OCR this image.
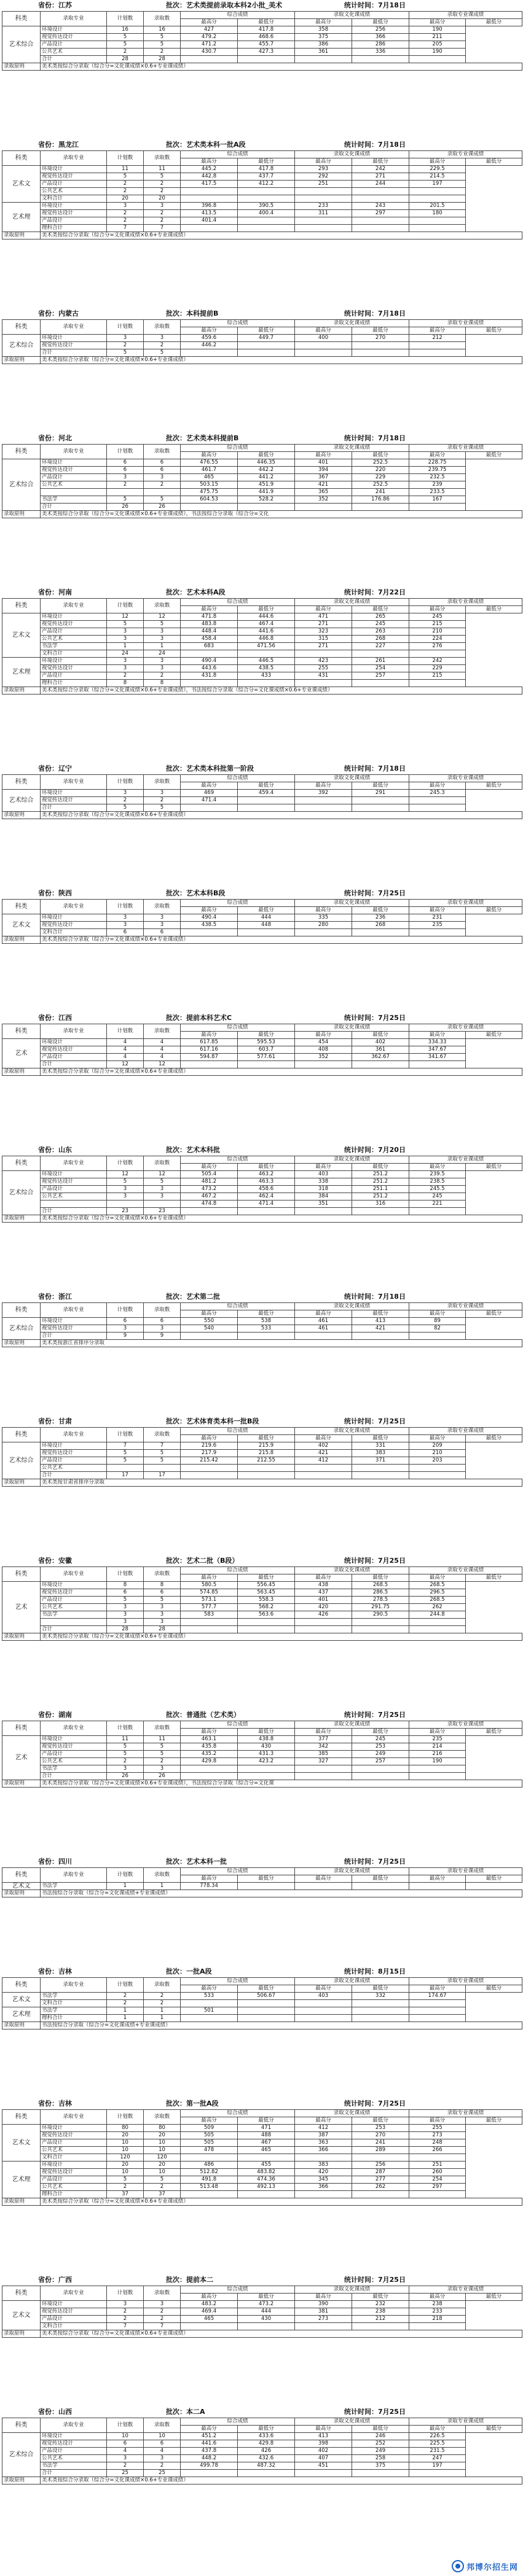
省份：江苏	批次：艺术类提前录取本科2小批_美术	统计时间：7月18日
科类	录取专业	计划数	录取数	综合成绩		录取文化课成绩		录取专业课成绩	
				最高分	最低分	最高分	最低分	最高分	最低分
艺术综合	环境设计	16	16	427	417.8	358	256	190	
	视觉传达设计	5	5	479.2	468.6	375	366	211	
	产品设计	5	5	471.2	455.7	386	286	205	
	公共艺术	2	2	430.7	427.3	361	336	190	
	合计	28	28						
录取原则	美术类按综合分录取（综合分=文化课成绩×0.6+专业课成绩）								
省份：黑龙江	批次：艺术类本科一批A段	统计时间：7月18日
科类	录取专业	计划数	录取数	综合成绩		录取文化课成绩		录取专业课成绩	
				最高分	最低分	最高分	最低分	最高分	最低分
艺术文	环境设计	11	11	445.2	417.8	293	242	229.5	
	视觉传达设计	5	5	442.8	437.7	292	271	214.5	
	产品设计	2	2	417.5	412.2	251	244	197	
	公共艺术	2	2						
	文科合计	20	20						
艺术理	环境设计	3	3	396.8	390.5	233	243	201.5	
	视觉传达设计	2	2	413.5	400.4	311	297	180	
	产品设计	2	2	401.4					
	理科合计	7	7						
录取原则	美术类按综合分录取（综合分=文化课成绩×0.6+专业课成绩）								
省份：内蒙古	批次：本科提前B	统计时间：7月18日
科类	录取专业	计划数	录取数	综合成绩		录取文化课成绩		录取专业课成绩	
				最高分	最低分	最高分	最低分	最高分	最低分
艺术综合	环境设计	3	3	459.6	449.7	400	270	212	
	视觉传达设计	2	2	446.2					
	合计	5	5						
录取原则	美术类按综合分录取（综合分=文化课成绩×0.6+专业课成绩）								
省份：河北	批次：艺术类本科提前B	统计时间：7月18日
科类	录取专业	计划数	录取数	综合成绩		录取文化课成绩		录取专业课成绩	
				最高分	最低分	最高分	最低分	最高分	最低分
艺术综合	环境设计	6	6	476.55	446.35	401	252.5	228.75	
	视觉传达设计	6	6	461.7	442.2	394	220	239.75	
	产品设计	3	3	465	441.2	367	229	232.5	
	公共艺术	2	2	503.15	451.9	421	252.5	239	
				475.75	441.9	365	241	233.5	
	书法学	5	5	604.53	528.2	352	176.86	167	
	合计	26	26						
录取原则	美术类按综合分录取（综合分=文化课成绩×0.6+专业课成绩），书法按综合分录取（综合分=文化								
省份：河南	批次：艺术本科A段	统计时间：7月22日
科类	录取专业	计划数	录取数	综合成绩		录取文化课成绩		录取专业课成绩	
				最高分	最低分	最高分	最低分	最高分	最低分
艺术文	环境设计	12	12	471.8	444.6	471	265	245	
	视觉传达设计	5	5	483.8	467.4	271	245	215	
	产品设计	3	3	448.4	441.6	323	263	210	
	公共艺术	3	3	458.4	446.8	315	268	224	
	书法学	1	1	683	471.56	271	227	276	
	文科合计	24	24						
艺术理	环境设计	3	3	490.4	446.5	423	261	242	
	视觉传达设计	3	3	443.6	438.5	255	254	229	
	产品设计	2	2	431.8	433	431	257	215	
	理科合计	8	8						
录取原则	美术类按综合分录取（综合分=文化课成绩×0.6+专业课成绩），书法按综合分录取（综合分=文化课成绩×0.6+专业课成绩）								
省份：辽宁	批次：艺术类本科批第一阶段	统计时间：7月18日
科类	录取专业	计划数	录取数	综合成绩		录取文化课成绩		录取专业课成绩	
				最高分	最低分	最高分	最低分	最高分	最低分
艺术综合	环境设计	3	3	469	459.4	392	291	245.3	
	视觉传达设计	2	2	471.4					
	合计	5	5						
录取原则	美术类按综合分录取（综合分=文化课成绩×0.6+专业课成绩）								
省份：陕西	批次：艺术本科B段	统计时间：7月25日
科类	录取专业	计划数	录取数	综合成绩		录取文化课成绩		录取专业课成绩	
				最高分	最低分	最高分	最低分	最高分	最低分
艺术文	环境设计	3	3	490.4	444	335	236	231	
	视觉传达设计	3	3	438.5	448	280	268	235	
	文科合计	6	6						
录取原则	美术类按综合分录取（综合分=文化课成绩×0.6+专业课成绩）								
省份：江西	批次：提前本科艺术C	统计时间：7月25日
科类	录取专业	计划数	录取数	综合成绩		录取文化课成绩		录取专业课成绩	
				最高分	最低分	最高分	最低分	最高分	最低分
艺术	环境设计	4	4	617.85	595.53	454	402	334.33	
	视觉传达设计	4	4	617.16	603.7	408	361	347.67	
	产品设计	4	4	594.87	577.61	352	362.67	341.67	
	合计	12	12						
录取原则	美术类按综合分录取（综合分=文化课成绩×0.6+专业课成绩）								
省份：山东	批次：艺术本科批	统计时间：7月20日
科类	录取专业	计划数	录取数	综合成绩		录取文化课成绩		录取专业课成绩	
				最高分	最低分	最高分	最低分	最高分	最低分
艺术综合	环境设计	12	12	505.4	463.2	403	251.2	239.5	
	视觉传达设计	5	5	481.2	463.3	338	251.2	238.5	
	产品设计	3	3	473.2	458.6	318	251.1	245.5	
	公共艺术	3	3	467.2	462.4	384	251.2	245	
				474.8	471.4	351	316	221	
	合计	23	23						
录取原则	美术类按综合分录取（综合分=文化课成绩×0.6+专业课成绩）								
省份：浙江	批次：艺术第二批	统计时间：7月18日
科类	录取专业	计划数	录取数	综合成绩		录取文化课成绩		录取专业课成绩	
				最高分	最低分	最高分	最低分	最高分	最低分
艺术综合	环境设计	6	6	550	538	461	413	89	
	视觉传达设计	3	3	540	533	461	421	82	
	合计	9	9						
录取原则	美术类按浙江省排序分录取								
省份：甘肃	批次：艺术体育类本科一批B段	统计时间：7月25日
科类	录取专业	计划数	录取数	综合成绩		录取文化课成绩		录取专业课成绩	
				最高分	最低分	最高分	最低分	最高分	最低分
艺术综合	环境设计	7	7	219.6	215.9	402	331	209	
	视觉传达设计	5	5	217.9	215.8	421	383	210	
	产品设计	5	5	215.42	212.55	412	371	203	
	公共艺术								
	合计	17	17						
录取原则	美术类按甘肃省排序分录取								
省份：安徽	批次：艺术二批（B段）	统计时间：7月25日
科类	录取专业	计划数	录取数	综合成绩		录取文化课成绩		录取专业课成绩	
				最高分	最低分	最高分	最低分	最高分	最低分
艺术	环境设计	8	8	580.5	556.45	438	268.5	268.5	
	视觉传达设计	6	6	574.85	563.45	437	286.5	296.5	
	产品设计	5	5	573.1	558.3	401	278.5	268.5	
	公共艺术	3	3	577.7	568.2	420	291.75	262	
	书法学	3	3	583	563.6	426	290.5	244.8	
		3	3						
	合计	28	28						
录取原则	美术类按综合分录取（综合分=文化课成绩×0.6+专业课成绩）								
省份：湖南	批次：普通批（艺术类）	统计时间：7月25日
科类	录取专业	计划数	录取数	综合成绩		录取文化课成绩		录取专业课成绩	
				最高分	最低分	最高分	最低分	最高分	最低分
艺术	环境设计	11	11	463.1	438.8	377	245	235	
	视觉传达设计	5	5	435.8	430	342	253	214	
	产品设计	5	5	435.2	431.3	385	249	216	
	公共艺术	2	2	429.8	423.2	327	257	190	
	书法学	3	3						
	合计	26	26						
录取原则	美术类按综合分录取（综合分=文化课成绩×0.6+专业课成绩），书法按综合分录取（综合分=文化课								
省份：四川	批次：艺术本科一批	统计时间：7月25日
科类	录取专业	计划数	录取数	综合成绩		录取文化课成绩		录取专业课成绩	
				最高分	最低分	最高分	最低分	最高分	最低分
艺术文	书法学	1	1	778.34					
录取原则	书法按综合分录取（综合分=文化课成绩+专业课成绩）								
省份：吉林	批次：一批A段	统计时间：8月15日
科类	录取专业	计划数	录取数	综合成绩		录取文化课成绩		录取专业课成绩	
				最高分	最低分	最高分	最低分	最高分	最低分
艺术文	书法学	2	2	533	506.67	403	332	174.67	
	文科合计	2	2						
艺术理	书法学	1	1	501					
	理科合计	1	1						
录取原则	书法按综合分录取（综合分=文化课成绩+专业课成绩）								
省份：吉林	批次：第一批A段	统计时间：7月25日
科类	录取专业	计划数	录取数	综合成绩		录取文化课成绩		录取专业课成绩	
				最高分	最低分	最高分	最低分	最高分	最低分
艺术文	环境设计	80	80	509	471	412	253	255	
	视觉传达设计	20	20	505	488	387	270	273	
	产品设计	10	10	505	467	363	241	248	
	公共艺术	10	10	478	465	366	289	266	
	文科合计	120	120						
艺术理	环境设计	20	20	486	455	383	256	251	
	视觉传达设计	10	10	512.82	483.82	420	287	260	
	产品设计	5	5	491.8	474.36	345	277	254	
	公共艺术	2	2	513.48	492.13	366	262	297	
	理科合计	37	37						
录取原则	美术类按综合分录取（综合分=文化课成绩×0.6+专业课成绩）								
省份：广西	批次：提前本二	统计时间：7月25日
科类	录取专业	计划数	录取数	综合成绩		录取文化课成绩		录取专业课成绩	
				最高分	最低分	最高分	最低分	最高分	最低分
艺术文	环境设计	3	3	483.2	473.2	390	232	238	
	视觉传达设计	2	2	469.4	444	381	238	233	
	产品设计	2	2	465	430	273	212	218	
	文科合计	7	7						
录取原则	美术类按综合分录取（综合分=文化课成绩×0.6+专业课成绩）								
省份：山西	批次：本二A	统计时间：7月25日
科类	录取专业	计划数	录取数	综合成绩		录取文化课成绩		录取专业课成绩	
				最高分	最低分	最高分	最低分	最高分	最低分
艺术综合	环境设计	10	10	451.2	433.6	413	246	226.5	
	视觉传达设计	6	6	441.6	429.8	398	252	225.5	
	产品设计	4	4	437.8	426	402	249	231.5	
	公共艺术	3	3	448.2	432.6	407	258	247	
	书法学	2	2	499.78	487.32	451	375	197	
	合计	25	25						
录取原则	美术类按综合分录取（综合分=文化课成绩×0.6+专业课成绩）								
邦博尔招生网
